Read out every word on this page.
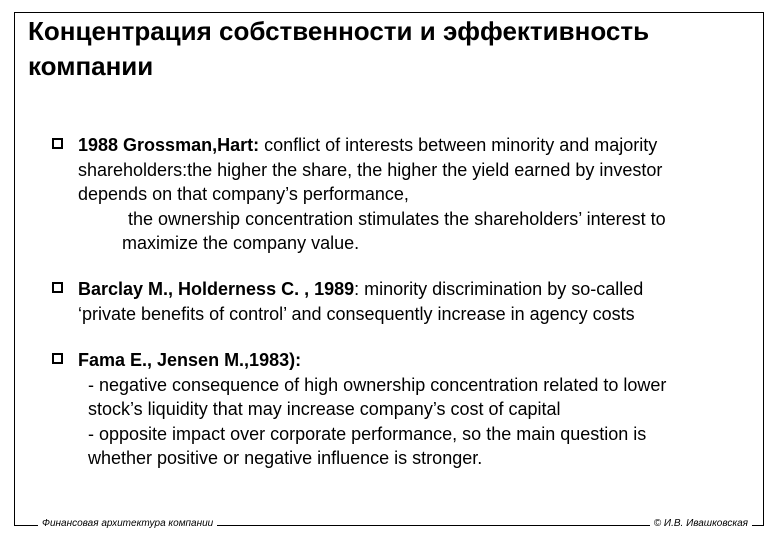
Концентрация собственности и эффективность компании
1988 Grossman,Hart: conflict of interests between minority and majority
shareholders:the higher the share, the higher the yield earned by investor
depends on that company’s performance,
the ownership concentration stimulates the shareholders’ interest to
maximize the company value.
Barclay M., Holderness C. , 1989: minority discrimination by so-called
‘private benefits of control’ and consequently increase in agency costs
Fama E., Jensen M.,1983):
- negative consequence of high ownership concentration related to lower
stock’s liquidity that may increase company’s cost of capital
- opposite impact over corporate performance, so the main question is
whether positive or negative influence is stronger.
Финансовая архитектура компании	© И.В. Ивашковская
